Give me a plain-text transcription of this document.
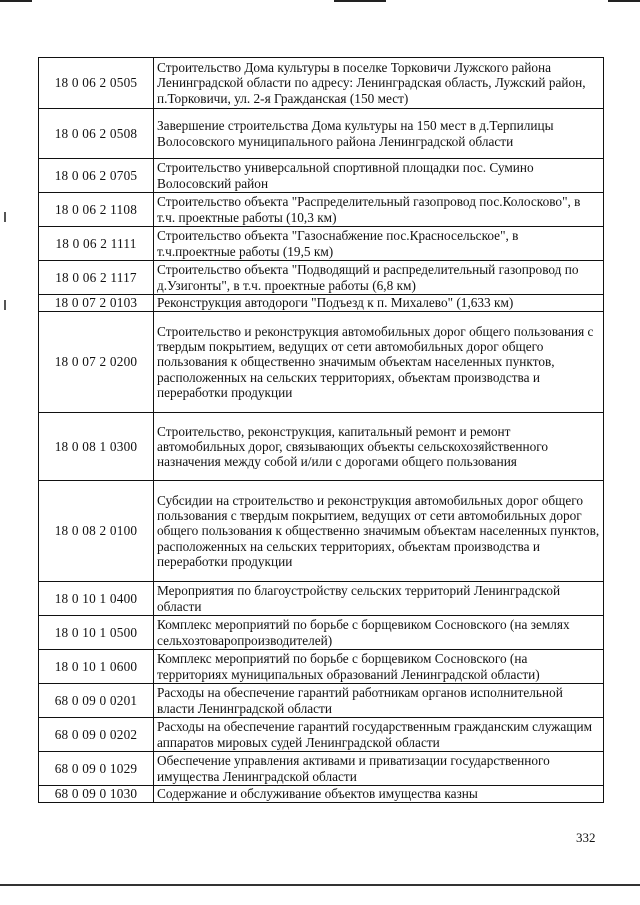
18 0 06 2 0505	Строительство Дома культуры в поселке Торковичи Лужского района Ленинградской области по адресу: Ленинградская область, Лужский район, п.Торковичи, ул. 2-я Гражданская (150 мест)
18 0 06 2 0508	Завершение строительства Дома культуры на 150 мест в д.Терпилицы Волосовского муниципального района Ленинградской области
18 0 06 2 0705	Строительство универсальной спортивной площадки пос. Сумино Волосовский район
18 0 06 2 1108	Строительство объекта "Распределительный газопровод пос.Колосково", в т.ч. проектные работы (10,3 км)
18 0 06 2 1111	Строительство объекта "Газоснабжение пос.Красносельское", в т.ч.проектные работы (19,5 км)
18 0 06 2 1117	Строительство объекта "Подводящий и распределительный газопровод по д.Узигонты", в т.ч. проектные работы (6,8 км)
18 0 07 2 0103	Реконструкция автодороги "Подъезд к п. Михалево" (1,633 км)
18 0 07 2 0200	Строительство и реконструкция автомобильных дорог общего пользования с твердым покрытием, ведущих от сети автомобильных дорог общего пользования к общественно значимым объектам населенных пунктов, расположенных на сельских территориях, объектам производства и переработки продукции
18 0 08 1 0300	Строительство, реконструкция, капитальный ремонт и ремонт автомобильных дорог, связывающих объекты сельскохозяйственного назначения между собой и/или с дорогами общего пользования
18 0 08 2 0100	Субсидии на строительство и реконструкция автомобильных дорог общего пользования с твердым покрытием, ведущих от сети автомобильных дорог общего пользования к общественно значимым объектам населенных пунктов, расположенных на сельских территориях, объектам производства и переработки продукции
18 0 10 1 0400	Мероприятия по благоустройству сельских территорий Ленинградской области
18 0 10 1 0500	Комплекс мероприятий по борьбе с борщевиком Сосновского (на землях сельхозтоваропроизводителей)
18 0 10 1 0600	Комплекс мероприятий по борьбе с борщевиком Сосновского (на территориях муниципальных образований Ленинградской области)
68 0 09 0 0201	Расходы на обеспечение гарантий работникам органов исполнительной власти Ленинградской области
68 0 09 0 0202	Расходы на обеспечение гарантий государственным гражданским служащим аппаратов мировых судей Ленинградской области
68 0 09 0 1029	Обеспечение управления активами и приватизации государственного имущества Ленинградской области
68 0 09 0 1030	Содержание и обслуживание объектов имущества казны
332
